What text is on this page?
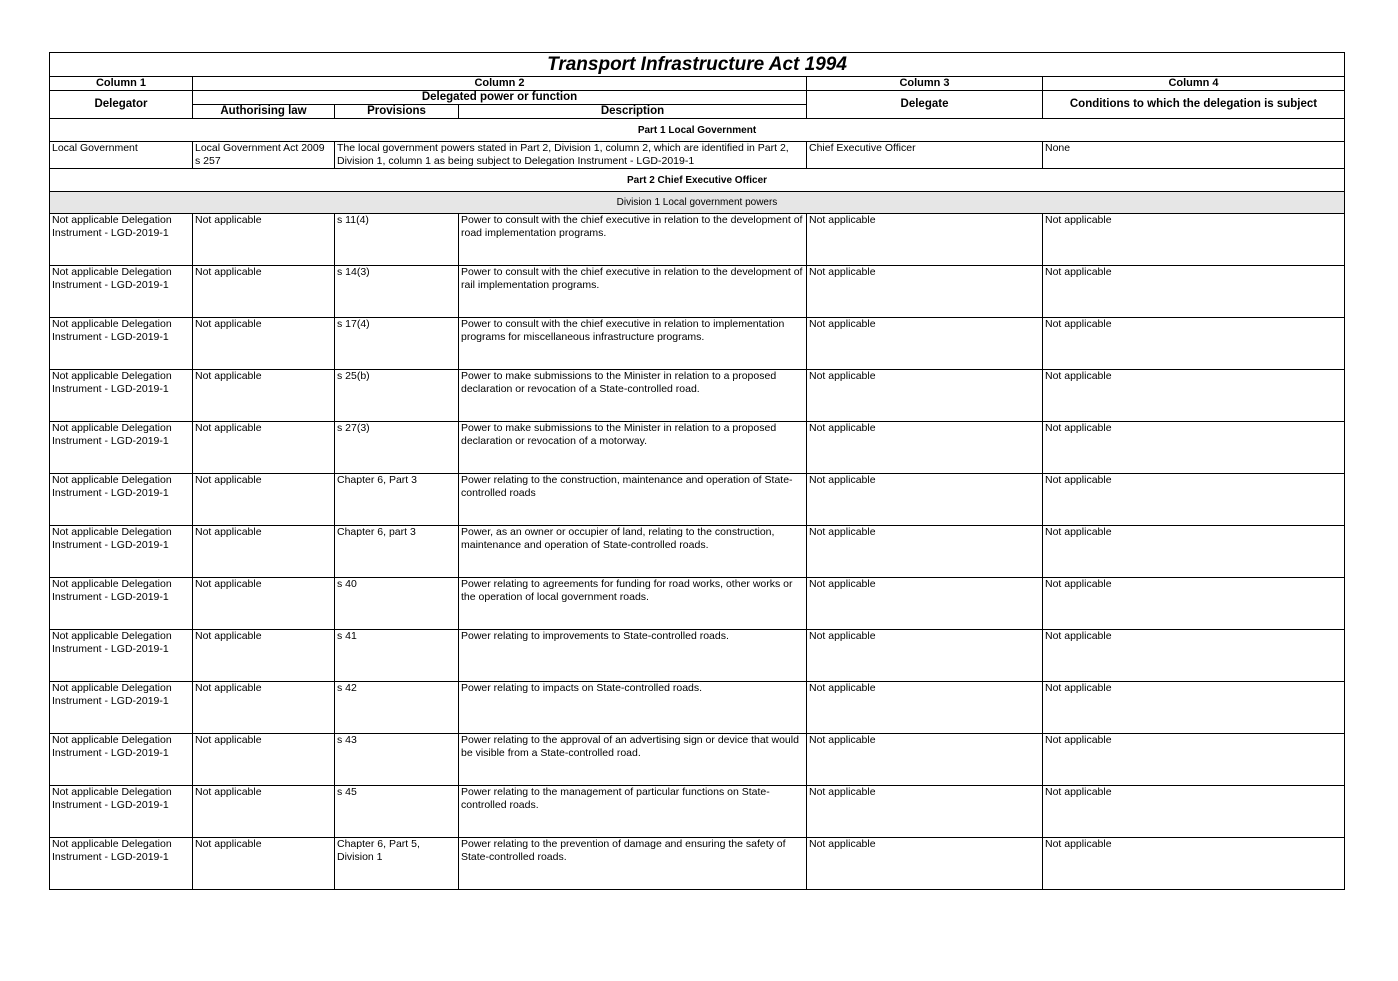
Transport Infrastructure Act 1994					
Column 1	Column 2			Column 3	Column 4
Delegator	Delegated power or function			Delegate	Conditions to which the delegation is subject
	Authorising law	Provisions	Description		
Part 1 Local Government					
Local Government	Local Government Act 2009 s 257	The local government powers stated in Part 2, Division 1, column 2, which are identified in Part 2, Division 1, column 1 as being subject to Delegation Instrument - LGD-2019-1		Chief Executive Officer	None
Part 2 Chief Executive Officer					
Division 1 Local government powers					
Not applicable Delegation Instrument - LGD-2019-1	Not applicable	s 11(4)	Power to consult with the chief executive in relation to the development of road implementation programs.	Not applicable	Not applicable
Not applicable Delegation Instrument - LGD-2019-1	Not applicable	s 14(3)	Power to consult with the chief executive in relation to the development of rail implementation programs.	Not applicable	Not applicable
Not applicable Delegation Instrument - LGD-2019-1	Not applicable	s 17(4)	Power to consult with the chief executive in relation to implementation programs for miscellaneous infrastructure programs.	Not applicable	Not applicable
Not applicable Delegation Instrument - LGD-2019-1	Not applicable	s 25(b)	Power to make submissions to the Minister in relation to a proposed declaration or revocation of a State-controlled road.	Not applicable	Not applicable
Not applicable Delegation Instrument - LGD-2019-1	Not applicable	s 27(3)	Power to make submissions to the Minister in relation to a proposed declaration or revocation of a motorway.	Not applicable	Not applicable
Not applicable Delegation Instrument - LGD-2019-1	Not applicable	Chapter 6, Part 3	Power relating to the construction, maintenance and operation of State-controlled roads	Not applicable	Not applicable
Not applicable Delegation Instrument - LGD-2019-1	Not applicable	Chapter 6, part 3	Power, as an owner or occupier of land, relating to the construction, maintenance and operation of State-controlled roads.	Not applicable	Not applicable
Not applicable Delegation Instrument - LGD-2019-1	Not applicable	s 40	Power relating to agreements for funding for road works, other works or the operation of local government roads.	Not applicable	Not applicable
Not applicable Delegation Instrument - LGD-2019-1	Not applicable	s 41	Power relating to improvements to State-controlled roads.	Not applicable	Not applicable
Not applicable Delegation Instrument - LGD-2019-1	Not applicable	s 42	Power relating to impacts on State-controlled roads.	Not applicable	Not applicable
Not applicable Delegation Instrument - LGD-2019-1	Not applicable	s 43	Power relating to the approval of an advertising sign or device that would be visible from a State-controlled road.	Not applicable	Not applicable
Not applicable Delegation Instrument - LGD-2019-1	Not applicable	s 45	Power relating to the management of particular functions on State-controlled roads.	Not applicable	Not applicable
Not applicable Delegation Instrument - LGD-2019-1	Not applicable	Chapter 6, Part 5, Division 1	Power relating to the prevention of damage and ensuring the safety of State-controlled roads.	Not applicable	Not applicable
